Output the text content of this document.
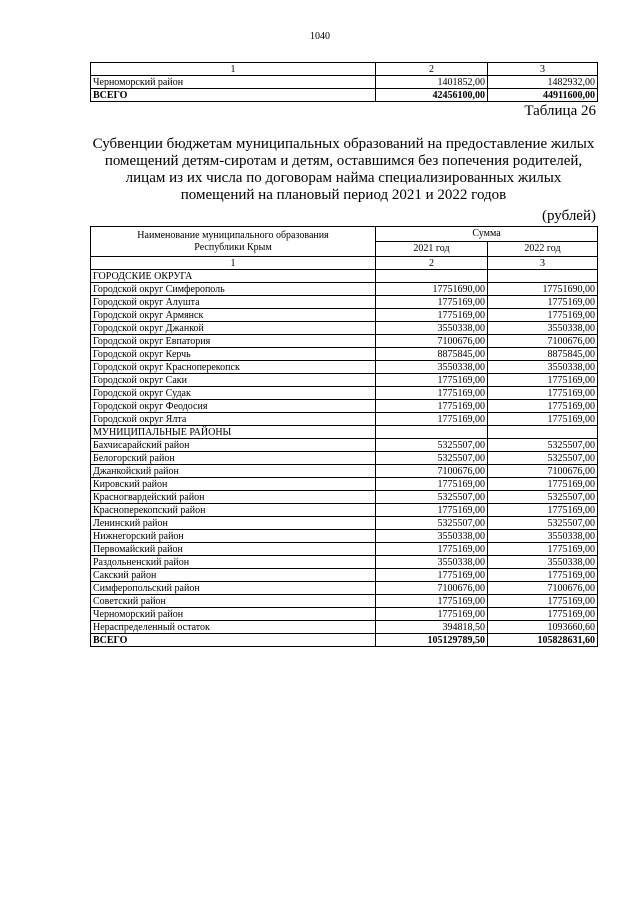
1040
1	2	3
Черноморский район	1401852,00	1482932,00
ВСЕГО	42456100,00	44911600,00
Таблица 26
Субвенции бюджетам муниципальных образований на предоставление жилых помещений детям-сиротам и детям, оставшимся без попечения родителей, лицам из их числа по договорам найма специализированных жилых помещений на плановый период 2021 и 2022 годов
(рублей)
Наименование муниципального образования Республики Крым	Сумма	
	2021 год	2022 год
1	2	3
ГОРОДСКИЕ ОКРУГА		
Городской округ Симферополь	17751690,00	17751690,00
Городской округ Алушта	1775169,00	1775169,00
Городской округ Армянск	1775169,00	1775169,00
Городской округ Джанкой	3550338,00	3550338,00
Городской округ Евпатория	7100676,00	7100676,00
Городской округ Керчь	8875845,00	8875845,00
Городской округ Красноперекопск	3550338,00	3550338,00
Городской округ Саки	1775169,00	1775169,00
Городской округ Судак	1775169,00	1775169,00
Городской округ Феодосия	1775169,00	1775169,00
Городской округ Ялта	1775169,00	1775169,00
МУНИЦИПАЛЬНЫЕ РАЙОНЫ		
Бахчисарайский район	5325507,00	5325507,00
Белогорский район	5325507,00	5325507,00
Джанкойский район	7100676,00	7100676,00
Кировский район	1775169,00	1775169,00
Красногвардейский район	5325507,00	5325507,00
Красноперекопский район	1775169,00	1775169,00
Ленинский район	5325507,00	5325507,00
Нижнегорский район	3550338,00	3550338,00
Первомайский район	1775169,00	1775169,00
Раздольненский район	3550338,00	3550338,00
Сакский район	1775169,00	1775169,00
Симферопольский район	7100676,00	7100676,00
Советский район	1775169,00	1775169,00
Черноморский район	1775169,00	1775169,00
Нераспределенный остаток	394818,50	1093660,60
ВСЕГО	105129789,50	105828631,60
